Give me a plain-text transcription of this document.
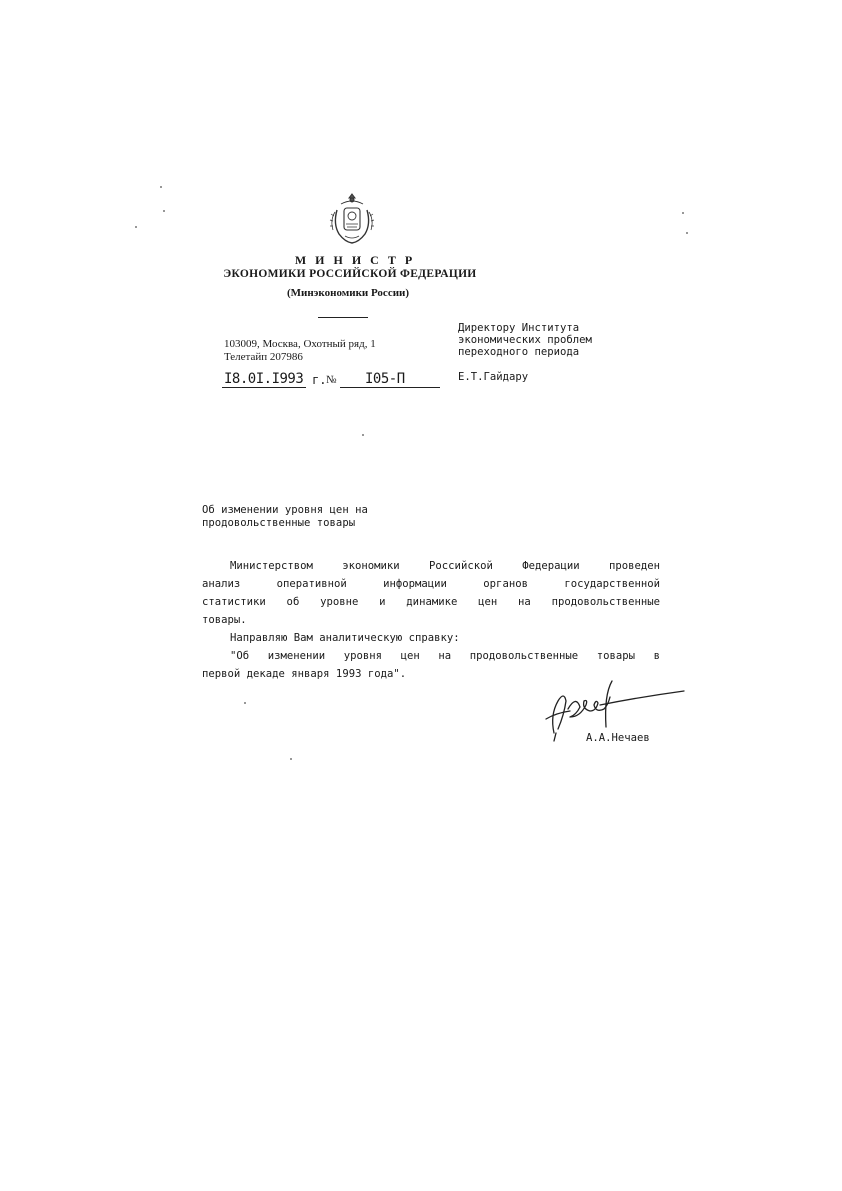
М И Н И С Т Р
ЭКОНОМИКИ РОССИЙСКОЙ ФЕДЕРАЦИИ
(Минэкономики России)
103009, Москва, Охотный ряд, 1
Телетайп 207986
I8.0I.I993 г. № I05-П
Директору Института
экономических проблем
переходного периода
Е.Т.Гайдару
Об изменении уровня цен на
продовольственные товары
Министерством экономики Российской Федерации проведен
анализ оперативной информации органов государственной
статистики об уровне и динамике цен на продовольственные
товары.
Направляю Вам аналитическую справку:
"Об изменении уровня цен на продовольственные товары в
первой декаде января 1993 года".
А.А.Нечаев
